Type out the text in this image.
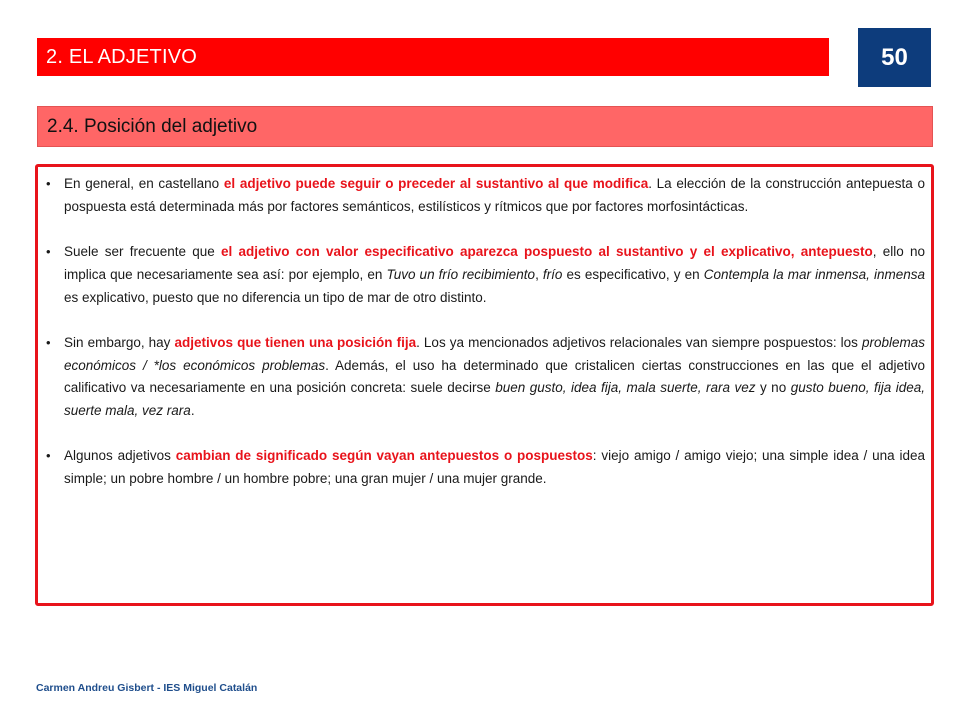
2. EL ADJETIVO	50
2.4. Posición del adjetivo
• En general, en castellano el adjetivo puede seguir o preceder al sustantivo al que modifica. La elección de la construcción antepuesta o pospuesta está determinada más por factores semánticos, estilísticos y rítmicos que por factores morfosintácticas.
• Suele ser frecuente que el adjetivo con valor especificativo aparezca pospuesto al sustantivo y el explicativo, antepuesto, ello no implica que necesariamente sea así: por ejemplo, en Tuvo un frío recibimiento, frío es especificativo, y en Contempla la mar inmensa, inmensa es explicativo, puesto que no diferencia un tipo de mar de otro distinto.
• Sin embargo, hay adjetivos que tienen una posición fija. Los ya mencionados adjetivos relacionales van siempre pospuestos: los problemas económicos / *los económicos problemas. Además, el uso ha determinado que cristalicen ciertas construcciones en las que el adjetivo calificativo va necesariamente en una posición concreta: suele decirse buen gusto, idea fija, mala suerte, rara vez y no gusto bueno, fija idea, suerte mala, vez rara.
• Algunos adjetivos cambian de significado según vayan antepuestos o pospuestos: viejo amigo / amigo viejo; una simple idea / una idea simple; un pobre hombre / un hombre pobre; una gran mujer / una mujer grande.
Carmen Andreu Gisbert - IES Miguel Catalán
